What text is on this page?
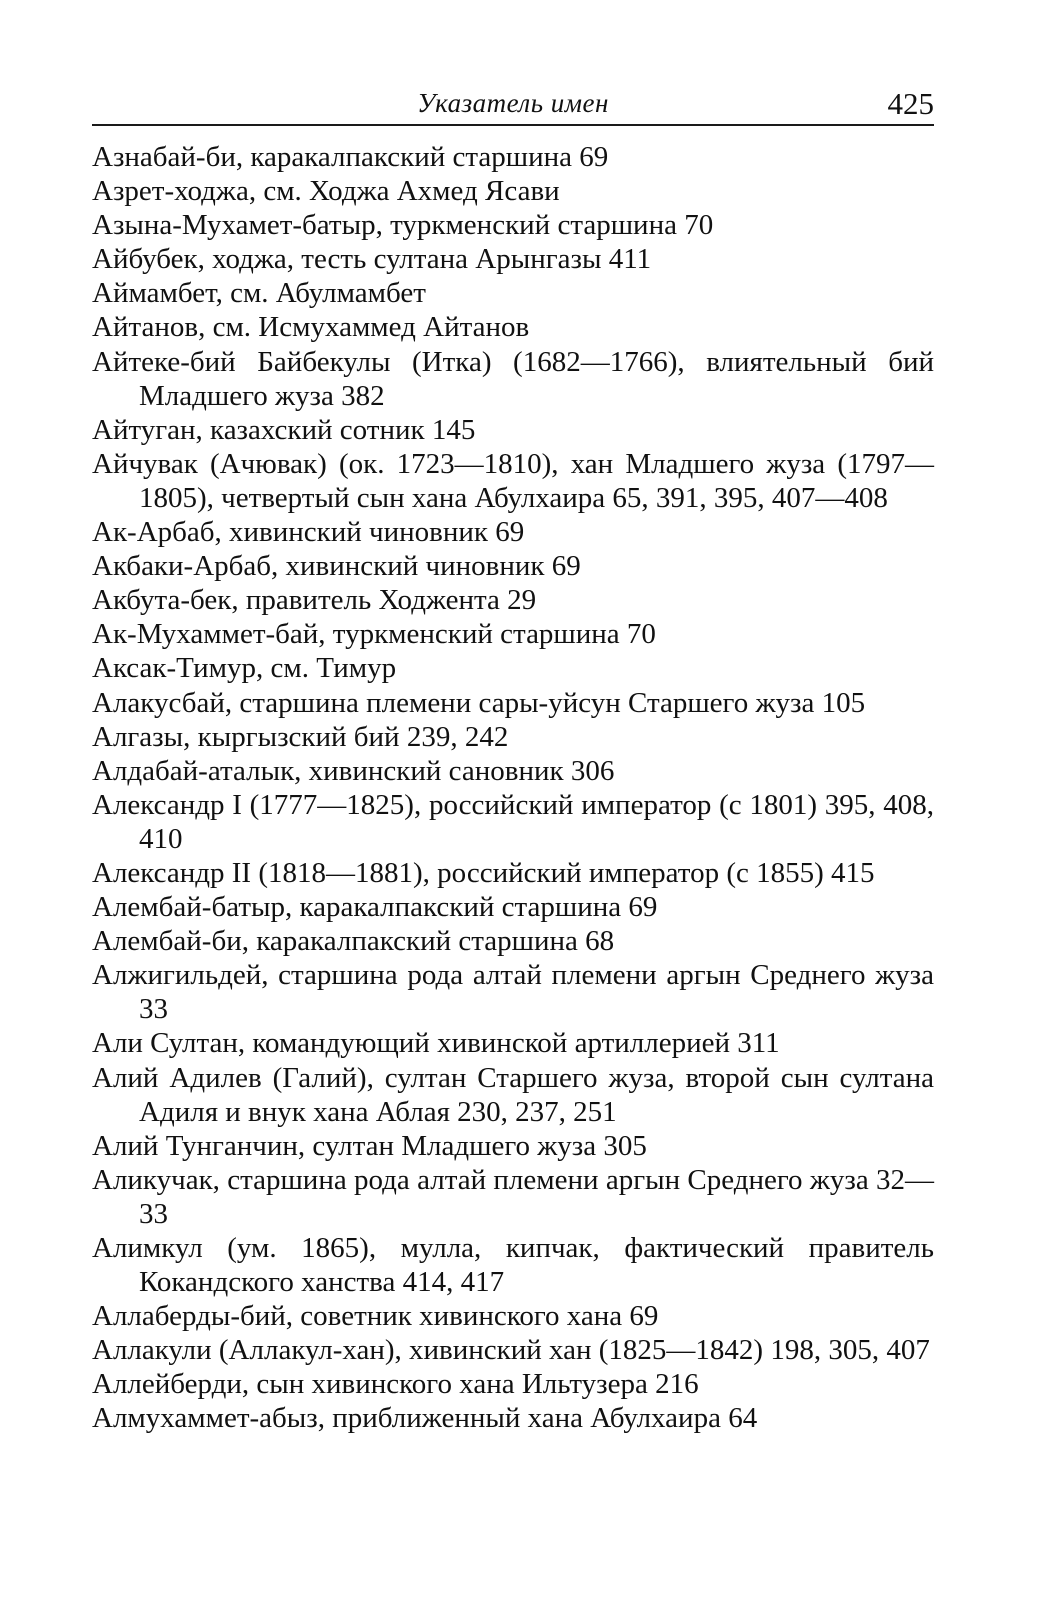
Указатель имен	425
Азнабай-би, каракалпакский старшина 69
Азрет-ходжа, см. Ходжа Ахмед Ясави
Азына-Мухамет-батыр, туркменский старшина 70
Айбубек, ходжа, тесть султана Арынгазы 411
Аймамбет, см. Абулмамбет
Айтанов, см. Исмухаммед Айтанов
Айтеке-бий Байбекулы (Итка) (1682—1766), влиятельный бий Младшего жуза 382
Айтуган, казахский сотник 145
Айчувак (Ачювак) (ок. 1723—1810), хан Младшего жуза (1797—1805), четвертый сын хана Абулхаира 65, 391, 395, 407—408
Ак-Арбаб, хивинский чиновник 69
Акбаки-Арбаб, хивинский чиновник 69
Акбута-бек, правитель Ходжента 29
Ак-Мухаммет-бай, туркменский старшина 70
Аксак-Тимур, см. Тимур
Алакусбай, старшина племени сары-уйсун Старшего жуза 105
Алгазы, кыргызский бий 239, 242
Алдабай-аталык, хивинский сановник 306
Александр I (1777—1825), российский император (с 1801) 395, 408, 410
Александр II (1818—1881), российский император (с 1855) 415
Алембай-батыр, каракалпакский старшина 69
Алембай-би, каракалпакский старшина 68
Алжигильдей, старшина рода алтай племени аргын Среднего жуза 33
Али Султан, командующий хивинской артиллерией 311
Алий Адилев (Галий), султан Старшего жуза, второй сын султана Адиля и внук хана Аблая 230, 237, 251
Алий Тунганчин, султан Младшего жуза 305
Аликучак, старшина рода алтай племени аргын Среднего жуза 32—33
Алимкул (ум. 1865), мулла, кипчак, фактический правитель Кокандского ханства 414, 417
Аллаберды-бий, советник хивинского хана 69
Аллакули (Аллакул-хан), хивинский хан (1825—1842) 198, 305, 407
Аллейберди, сын хивинского хана Ильтузера 216
Алмухаммет-абыз, приближенный хана Абулхаира 64
